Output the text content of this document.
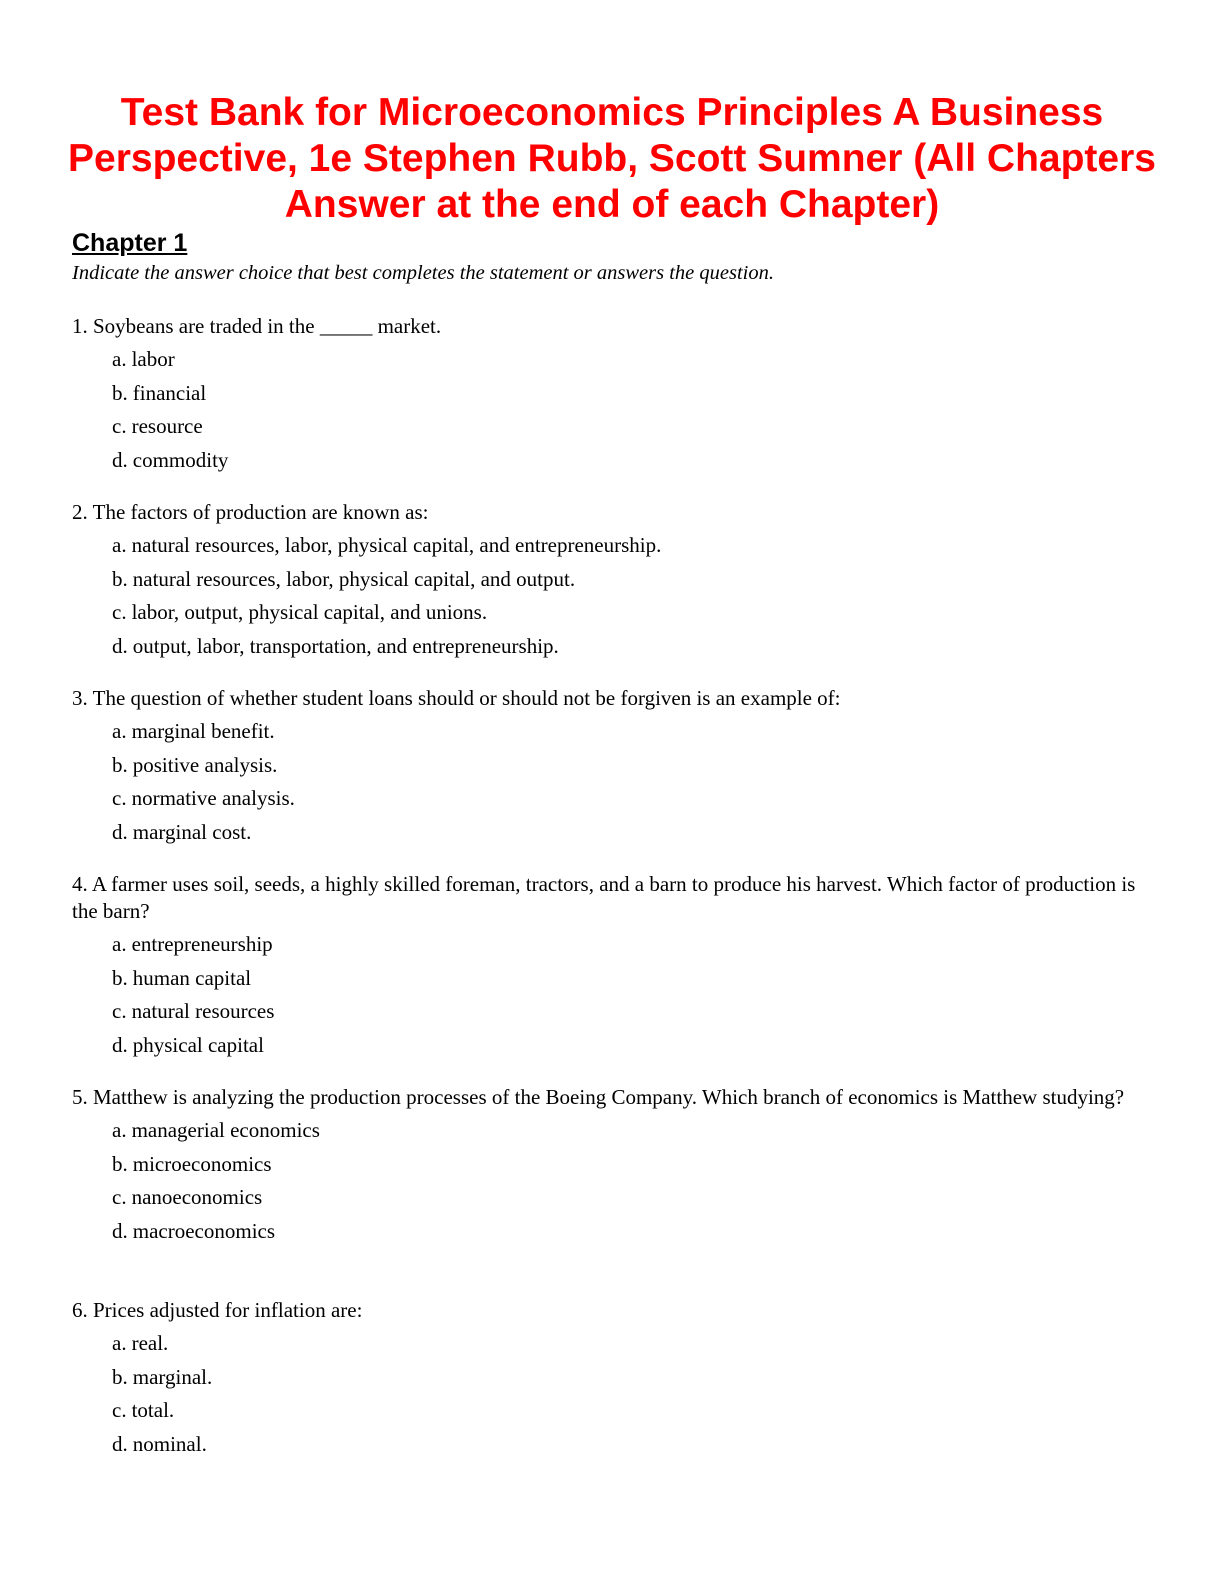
Test Bank for Microeconomics Principles A Business Perspective, 1e Stephen Rubb, Scott Sumner (All Chapters Answer at the end of each Chapter)
Chapter 1
Indicate the answer choice that best completes the statement or answers the question.

1. Soybeans are traded in the _____ market.

a. labor
b. financial
c. resource
d. commodity

2. The factors of production are known as:

a. natural resources, labor, physical capital, and entrepreneurship.
b. natural resources, labor, physical capital, and output.
c. labor, output, physical capital, and unions.
d. output, labor, transportation, and entrepreneurship.

3. The question of whether student loans should or should not be forgiven is an example of:

a. marginal benefit.
b. positive analysis.
c. normative analysis.
d. marginal cost.

4. A farmer uses soil, seeds, a highly skilled foreman, tractors, and a barn to produce his harvest. Which factor of production is the barn?

a. entrepreneurship
b. human capital
c. natural resources
d. physical capital

5. Matthew is analyzing the production processes of the Boeing Company. Which branch of economics is Matthew studying?

a. managerial economics
b. microeconomics
c. nanoeconomics
d. macroeconomics

6. Prices adjusted for inflation are:

a. real.
b. marginal.
c. total.
d. nominal.
